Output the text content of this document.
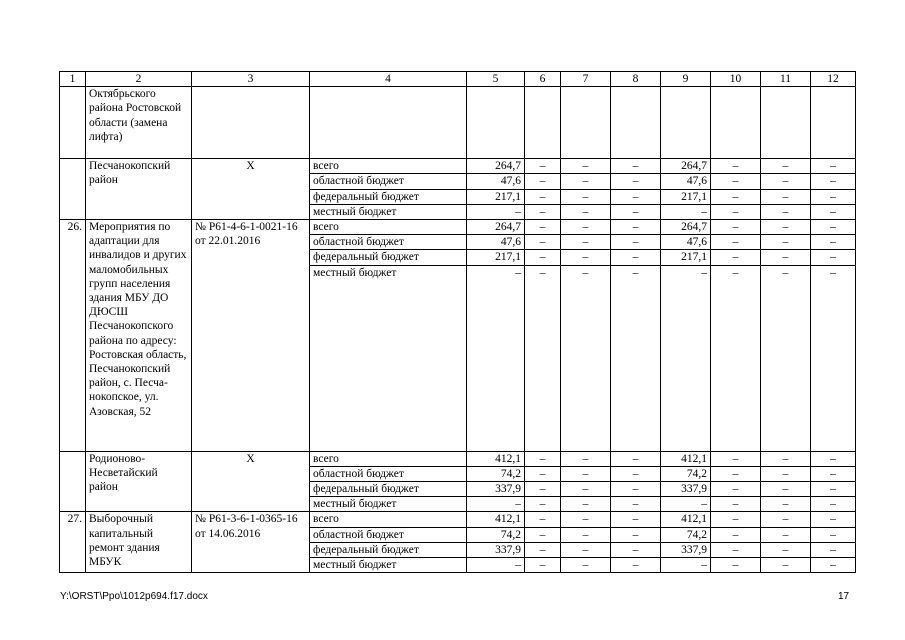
1	2	3	4	5	6	7	8	9	10	11	12
	Октябрьского района Ростовской области (замена лифта)										
	Песчанокопский район	Х	всего	264,7	–	–	–	264,7	–	–	–
			областной бюджет	47,6	–	–	–	47,6	–	–	–
			федеральный бюджет	217,1	–	–	–	217,1	–	–	–
			местный бюджет	–	–	–	–	–	–	–	–
26.	Мероприятия по адаптации для инвалидов и других маломобильных групп населения здания МБУ ДО ДЮСШ Песчанокопского района по адресу: Ростовская область, Песчанокопский район, с. Песча-нокопское, ул. Азовская, 52	№ Р61-4-6-1-0021-16 от 22.01.2016	всего	264,7	–	–	–	264,7	–	–	–
			областной бюджет	47,6	–	–	–	47,6	–	–	–
			федеральный бюджет	217,1	–	–	–	217,1	–	–	–
			местный бюджет	–	–	–	–	–	–	–	–
	Родионово-Несветайский район	Х	всего	412,1	–	–	–	412,1	–	–	–
			областной бюджет	74,2	–	–	–	74,2	–	–	–
			федеральный бюджет	337,9	–	–	–	337,9	–	–	–
			местный бюджет	–	–	–	–	–	–	–	–
27.	Выборочный капитальный ремонт здания МБУК	№ Р61-3-6-1-0365-16 от 14.06.2016	всего	412,1	–	–	–	412,1	–	–	–
			областной бюджет	74,2	–	–	–	74,2	–	–	–
			федеральный бюджет	337,9	–	–	–	337,9	–	–	–
			местный бюджет	–	–	–	–	–	–	–	–
Y:\ORST\Ppo\1012p694.f17.docx	17
